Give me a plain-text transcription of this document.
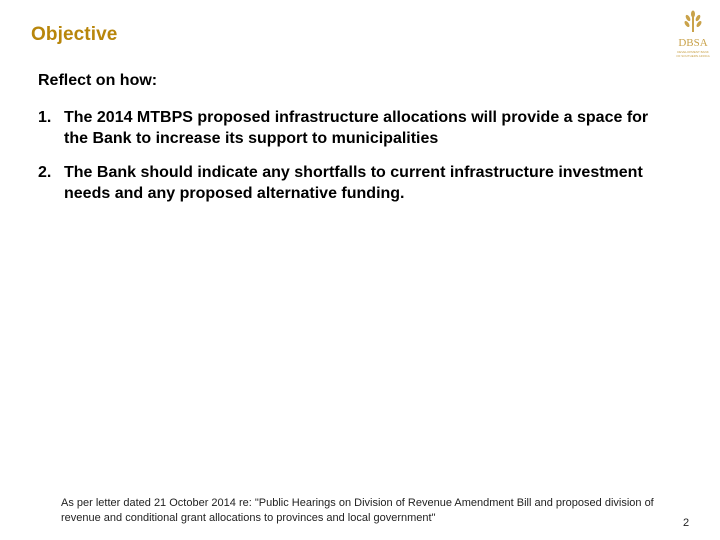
Objective	DBSA
DEVELOPMENT BANK
OF SOUTHERN AFRICA
Reflect on how:
1. The 2014 MTBPS proposed infrastructure allocations will provide a space for the Bank to increase its support to municipalities
2. The Bank should indicate any shortfalls to current infrastructure investment needs and any proposed alternative funding.
As per letter dated 21 October 2014 re: "Public Hearings on Division of Revenue Amendment Bill and proposed division of revenue and conditional grant allocations to provinces and local government"	2
